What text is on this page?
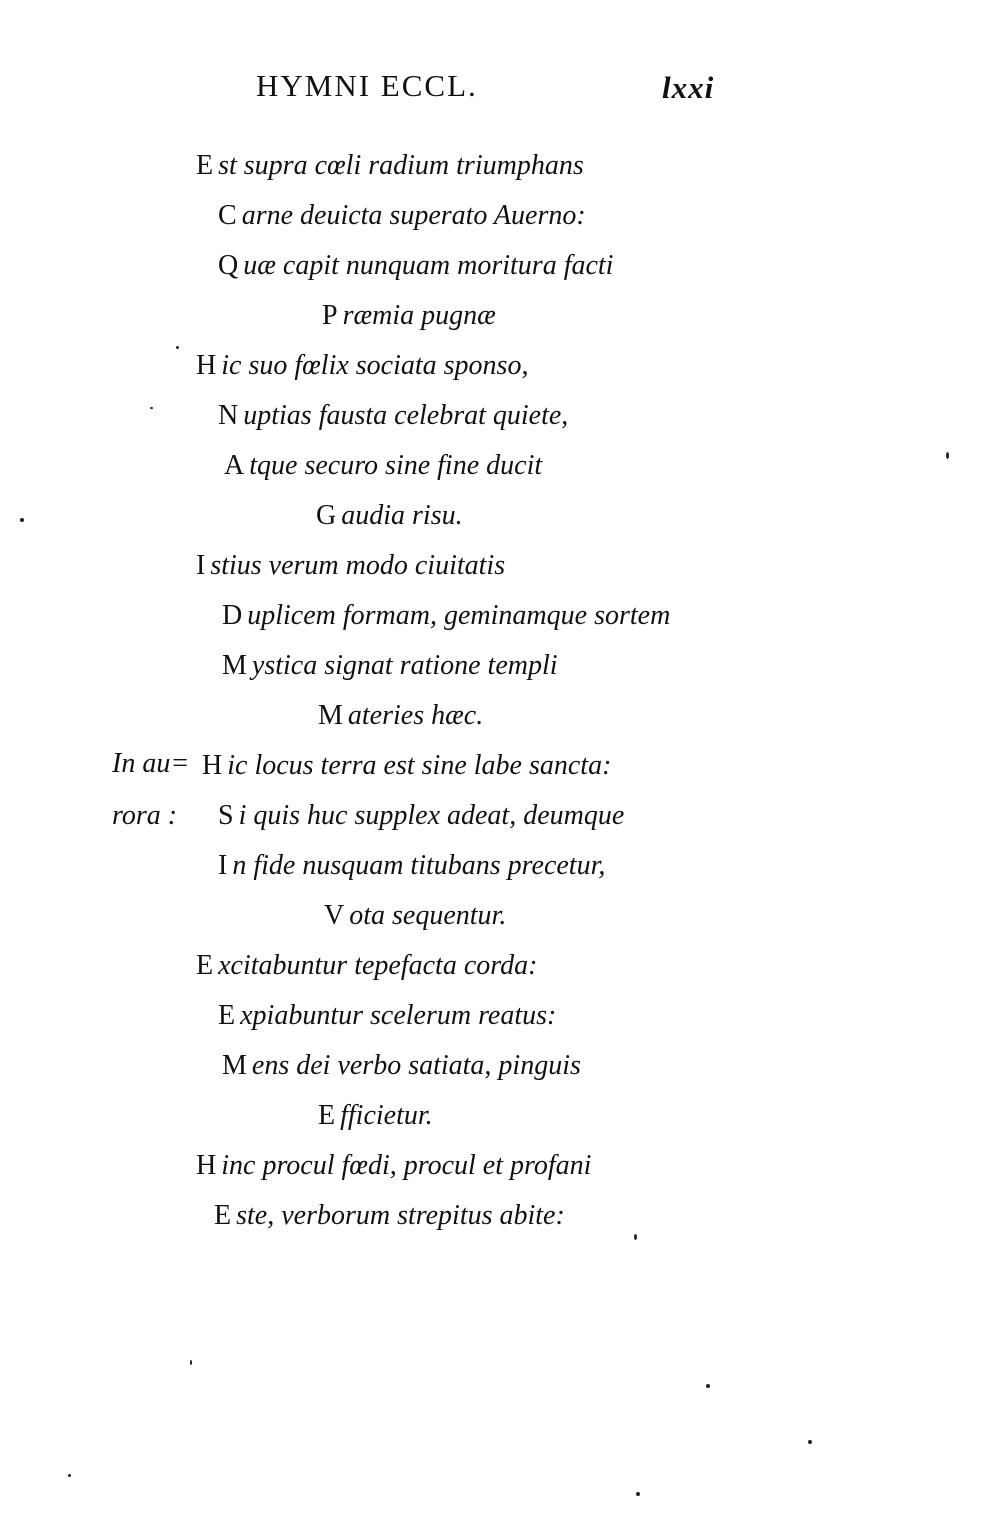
HYMNI ECCL.	lxxi
In au=
rora :
E st supra cœli radium triumphans
C arne deuicta superato Auerno:
Q uæ capit nunquam moritura facti
P ræmia pugnæ
H ic suo fœlix sociata sponso,
N uptias fausta celebrat quiete,
A tque securo sine fine ducit
G audia risu.
I stius verum modo ciuitatis
D uplicem formam, geminamque sortem
M ystica signat ratione templi
M ateries hæc.
H ic locus terra est sine labe sancta:
S i quis huc supplex adeat, deumque
I n fide nusquam titubans precetur,
V ota sequentur.
E xcitabuntur tepefacta corda:
E xpiabuntur scelerum reatus:
M ens dei verbo satiata, pinguis
E fficietur.
H inc procul fœdi, procul et profani
E ste, verborum strepitus abite:
